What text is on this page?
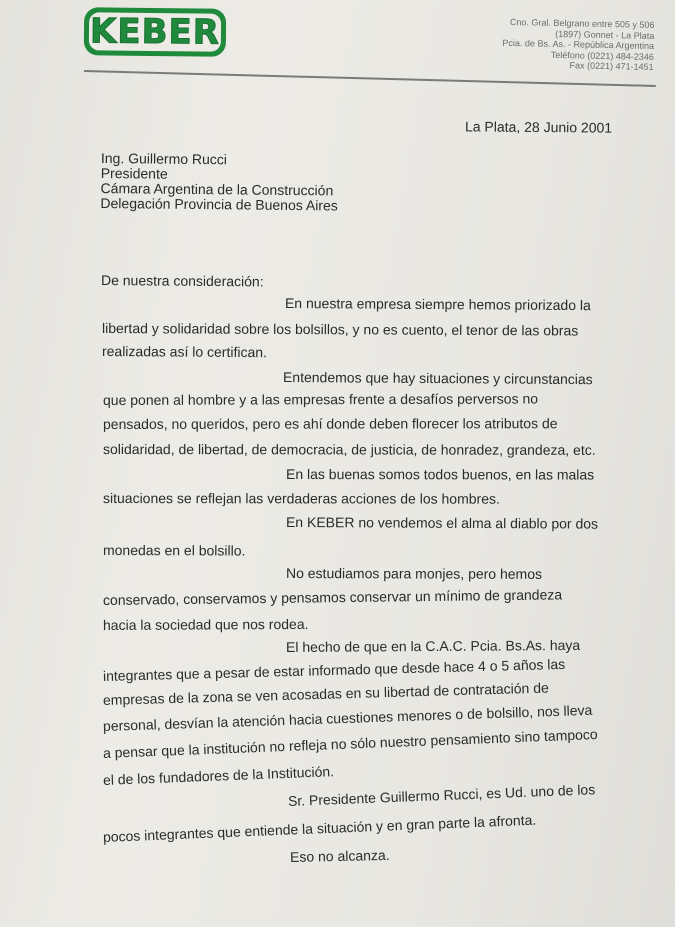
KEBER	Cno. Gral. Belgrano entre 505 y 506
(1897) Gonnet - La Plata
Pcia. de Bs. As. - República Argentina
Teléfono (0221) 484-2346
Fax (0221) 471-1451
La Plata, 28 Junio 2001
Ing. Guillermo Rucci
Presidente
Cámara Argentina de la Construcción
Delegación Provincia de Buenos Aires
De nuestra consideración:
En nuestra empresa siempre hemos priorizado la
libertad y solidaridad sobre los bolsillos, y no es cuento, el tenor de las obras
realizadas así lo certifican.
Entendemos que hay situaciones y circunstancias
que ponen al hombre y a las empresas frente a desafíos perversos no
pensados, no queridos, pero es ahí donde deben florecer los atributos de
solidaridad, de libertad, de democracia, de justicia, de honradez, grandeza, etc.
En las buenas somos todos buenos, en las malas
situaciones se reflejan las verdaderas acciones de los hombres.
En KEBER no vendemos el alma al diablo por dos
monedas en el bolsillo.
No estudiamos para monjes, pero hemos
conservado, conservamos y pensamos conservar un mínimo de grandeza
hacia la sociedad que nos rodea.
El hecho de que en la C.A.C. Pcia. Bs.As. haya
integrantes que a pesar de estar informado que desde hace 4 o 5 años las
empresas de la zona se ven acosadas en su libertad de contratación de
personal, desvían la atención hacia cuestiones menores o de bolsillo, nos lleva
a pensar que la institución no refleja no sólo nuestro pensamiento sino tampoco
el de los fundadores de la Institución.
Sr. Presidente Guillermo Rucci, es Ud. uno de los
pocos integrantes que entiende la situación y en gran parte la afronta.
Eso no alcanza.
